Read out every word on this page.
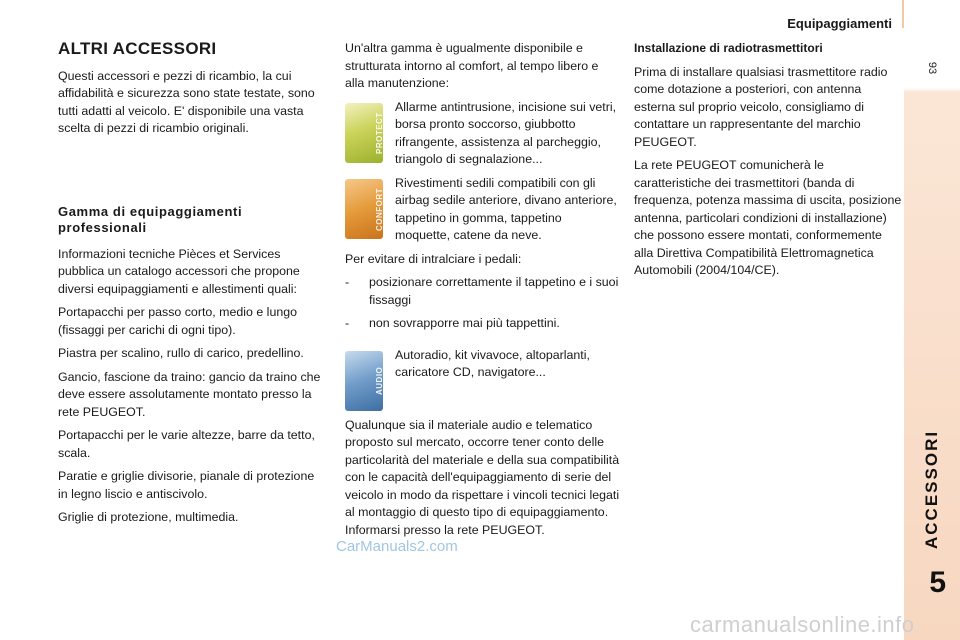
Equipaggiamenti
93
ACCESSORI
5
ALTRI ACCESSORI

Questi accessori e pezzi di ricambio, la cui affidabilità e sicurezza sono state testate, sono tutti adatti al veicolo. E' disponibile una vasta scelta di pezzi di ricambio originali.

Gamma di equipaggiamenti professionali

Informazioni tecniche Pièces et Services pubblica un catalogo accessori che propone diversi equipaggiamenti e allestimenti quali:

Portapacchi per passo corto, medio e lungo (fissaggi per carichi di ogni tipo).

Piastra per scalino, rullo di carico, predellino.

Gancio, fascione da traino: gancio da traino che deve essere assolutamente montato presso la rete PEUGEOT.

Portapacchi per le varie altezze, barre da tetto, scala.

Paratie e griglie divisorie, pianale di protezione in legno liscio e antiscivolo.

Griglie di protezione, multimedia.

Un'altra gamma è ugualmente disponibile e strutturata intorno al comfort, al tempo libero e alla manutenzione:

PROTECT
Allarme antintrusione, incisione sui vetri, borsa pronto soccorso, giubbotto rifrangente, assistenza al parcheggio, triangolo di segnalazione...
CONFORT
Rivestimenti sedili compatibili con gli airbag sedile anteriore, divano anteriore, tappetino in gomma, tappetino moquette, catene da neve.

Per evitare di intralciare i pedali:

- posizionare correttamente il tappetino e i suoi fissaggi
- non sovrapporre mai più tappettini.
AUDIO
Autoradio, kit vivavoce, altoparlanti, caricatore CD, navigatore...

Qualunque sia il materiale audio e telematico proposto sul mercato, occorre tener conto delle particolarità del materiale e della sua compatibilità con le capacità dell'equipaggiamento di serie del veicolo in modo da rispettare i vincoli tecnici legati al montaggio di questo tipo di equipaggiamento. Informarsi presso la rete PEUGEOT.

Installazione di radiotrasmettitori

Prima di installare qualsiasi trasmettitore radio come dotazione a posteriori, con antenna esterna sul proprio veicolo, consigliamo di contattare un rappresentante del marchio PEUGEOT.

La rete PEUGEOT comunicherà le caratteristiche dei trasmettitori (banda di frequenza, potenza massima di uscita, posizione antenna, particolari condizioni di installazione) che possono essere montati, conformemente alla Direttiva Compatibilità Elettromagnetica Automobili (2004/104/CE).

CarManuals2.com
carmanualsonline.info
